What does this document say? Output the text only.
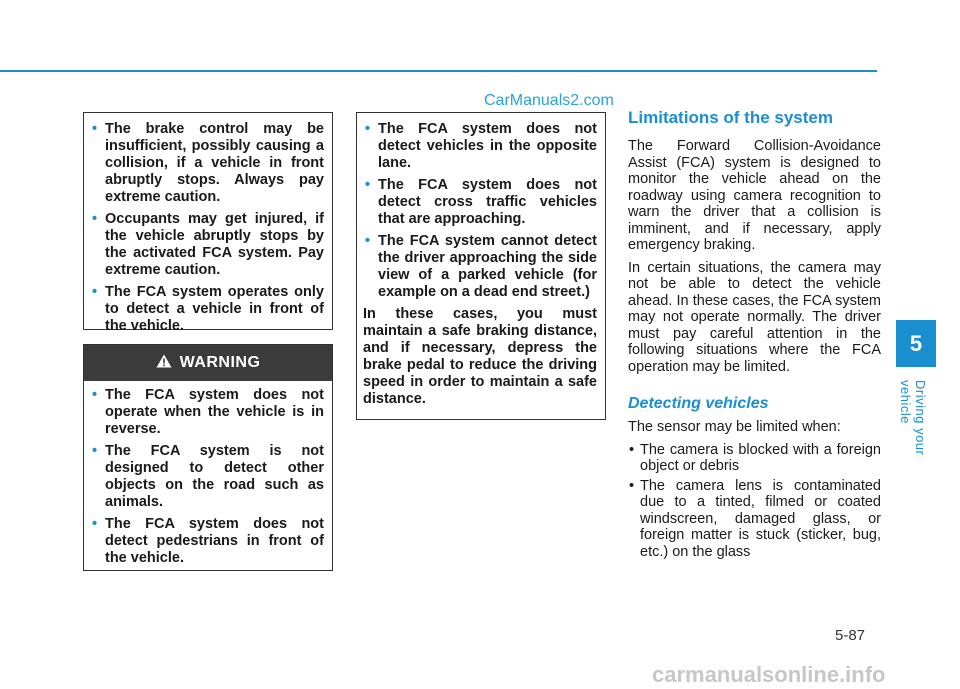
CarManuals2.com
• The brake control may be insufficient, possibly causing a collision, if a vehicle in front abruptly stops. Always pay extreme caution.
• Occupants may get injured, if the vehicle abruptly stops by the activated FCA system. Pay extreme caution.
• The FCA system operates only to detect a vehicle in front of the vehicle.
WARNING
• The FCA system does not operate when the vehicle is in reverse.
• The FCA system is not designed to detect other objects on the road such as animals.
• The FCA system does not detect pedestrians in front of the vehicle.
• The FCA system does not detect vehicles in the opposite lane.
• The FCA system does not detect cross traffic vehicles that are approaching.
• The FCA system cannot detect the driver approaching the side view of a parked vehicle (for example on a dead end street.)

In these cases, you must maintain a safe braking distance, and if necessary, depress the brake pedal to reduce the driving speed in order to maintain a safe distance.

Limitations of the system

The Forward Collision-Avoidance Assist (FCA) system is designed to monitor the vehicle ahead on the roadway using camera recognition to warn the driver that a collision is imminent, and if necessary, apply emergency braking.

In certain situations, the camera may not be able to detect the vehicle ahead. In these cases, the FCA system may not operate normally. The driver must pay careful attention in the following situations where the FCA operation may be limited.

Detecting vehicles

The sensor may be limited when:

• The camera is blocked with a foreign object or debris
• The camera lens is contaminated due to a tinted, filmed or coated windscreen, damaged glass, or foreign matter is stuck (sticker, bug, etc.) on the glass
5
Driving your vehicle
5-87
carmanualsonline.info
